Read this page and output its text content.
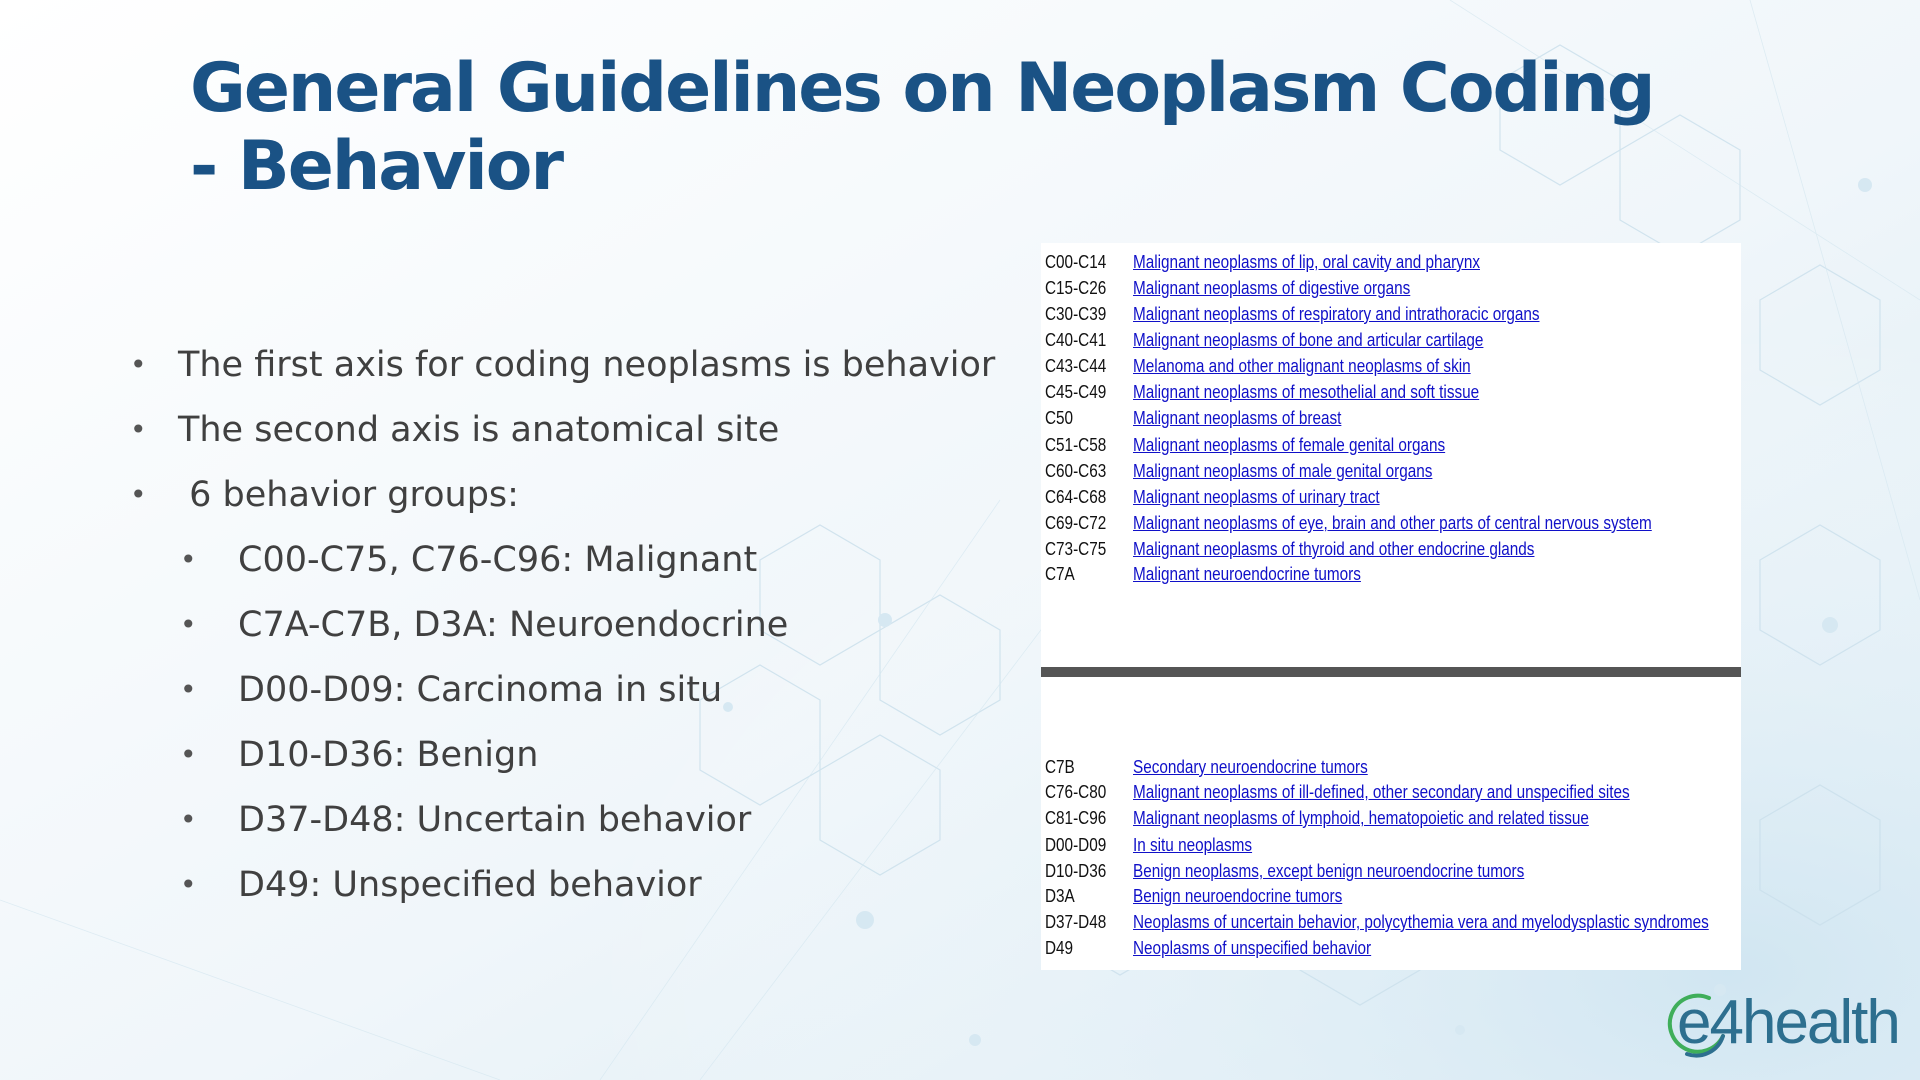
General Guidelines on Neoplasm Coding - Behavior
• The first axis for coding neoplasms is behavior
• The second axis is anatomical site
• 6 behavior groups:
• C00-C75, C76-C96: Malignant
• C7A-C7B, D3A: Neuroendocrine
• D00-D09: Carcinoma in situ
• D10-D36: Benign
• D37-D48: Uncertain behavior
• D49: Unspecified behavior
C00-C14 Malignant neoplasms of lip, oral cavity and pharynx
C15-C26 Malignant neoplasms of digestive organs
C30-C39 Malignant neoplasms of respiratory and intrathoracic organs
C40-C41 Malignant neoplasms of bone and articular cartilage
C43-C44 Melanoma and other malignant neoplasms of skin
C45-C49 Malignant neoplasms of mesothelial and soft tissue
C50	Malignant neoplasms of breast
C51-C58 Malignant neoplasms of female genital organs
C60-C63 Malignant neoplasms of male genital organs
C64-C68 Malignant neoplasms of urinary tract
C69-C72 Malignant neoplasms of eye, brain and other parts of central nervous system
C73-C75 Malignant neoplasms of thyroid and other endocrine glands
C7A	Malignant neuroendocrine tumors
C7B	Secondary neuroendocrine tumors
C76-C80 Malignant neoplasms of ill-defined, other secondary and unspecified sites
C81-C96 Malignant neoplasms of lymphoid, hematopoietic and related tissue
D00-D09 In situ neoplasms
D10-D36 Benign neoplasms, except benign neuroendocrine tumors
D3A	Benign neuroendocrine tumors
D37-D48 Neoplasms of uncertain behavior, polycythemia vera and myelodysplastic syndromes
D49	Neoplasms of unspecified behavior
e4health
